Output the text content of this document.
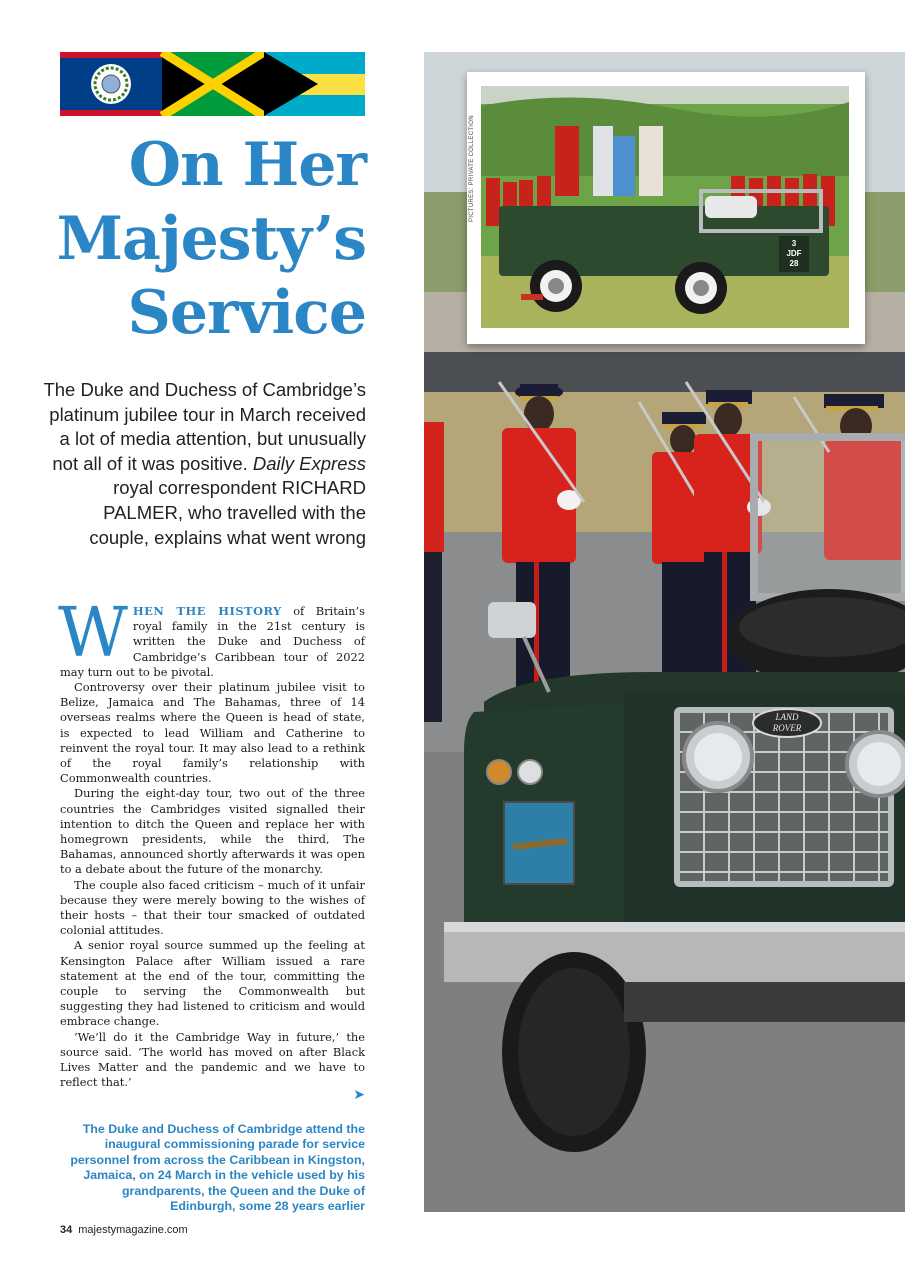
On Her
Majesty’s
Service
The Duke and Duchess of Cambridge’s platinum jubilee tour in March received a lot of media attention, but unusually not all of it was positive. Daily Express royal correspondent RICHARD PALMER, who travelled with the couple, explains what went wrong

WHEN THE HISTORY of Britain’s royal family in the 21st century is written the Duke and Duchess of Cambridge’s Caribbean tour of 2022 may turn out to be pivotal.

Controversy over their platinum jubilee visit to Belize, Jamaica and The Bahamas, three of 14 overseas realms where the Queen is head of state, is expected to lead William and Catherine to reinvent the royal tour. It may also lead to a rethink of the royal family’s relationship with Commonwealth countries.

During the eight-day tour, two out of the three countries the Cambridges visited signalled their intention to ditch the Queen and replace her with homegrown presidents, while the third, The Bahamas, announced shortly afterwards it was open to a debate about the future of the monarchy.

The couple also faced criticism – much of it unfair because they were merely bowing to the wishes of their hosts – that their tour smacked of outdated colonial attitudes.

A senior royal source summed up the feeling at Kensington Palace after William issued a rare statement at the end of the tour, committing the couple to serving the Commonwealth but suggesting they had listened to criticism and would embrace change.

‘We’ll do it the Cambridge Way in future,’ the source said. ‘The world has moved on after Black Lives Matter and the pandemic and we have to reflect that.’

➤
The Duke and Duchess of Cambridge attend the inaugural commissioning parade for service personnel from across the Caribbean in Kingston, Jamaica, on 24 March in the vehicle used by his grandparents, the Queen and the Duke of Edinburgh, some 28 years earlier
34 majestymagazine.com
LAND
ROVER
PICTURES: PRIVATE COLLECTION
3
JDF
28
